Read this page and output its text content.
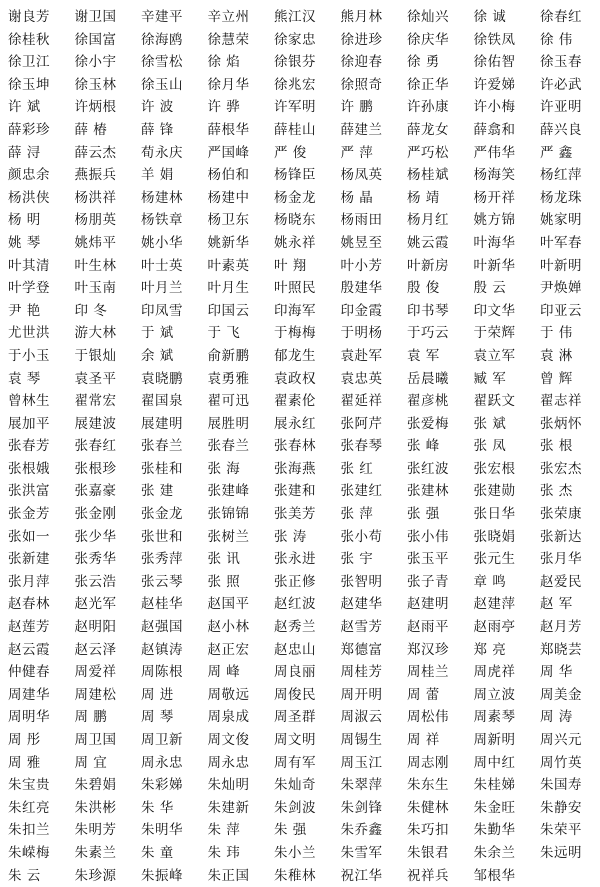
谢良芳	谢卫国	辛建平	辛立州	熊江汉	熊月林	徐灿兴	徐 诚	徐春红
徐桂秋	徐国富	徐海鸥	徐慧荣	徐家忠	徐进珍	徐庆华	徐铁凤	徐 伟
徐卫江	徐小宇	徐雪松	徐 焰	徐银芬	徐迎春	徐 勇	徐佑智	徐玉春
徐玉坤	徐玉林	徐玉山	徐月华	徐兆宏	徐照奇	徐正华	许爱娣	许必武
许 斌	许炳根	许 波	许 骅	许军明	许 鹏	许孙康	许小梅	许亚明
薛彩珍	薛 椿	薛 锋	薛根华	薛桂山	薛建兰	薛龙女	薛翕和	薛兴良
薛 浔	薛云杰	荀永庆	严国峰	严 俊	严 萍	严巧松	严伟华	严 鑫
颜忠余	燕振兵	羊 娟	杨伯和	杨锋臣	杨凤英	杨桂斌	杨海笑	杨红萍
杨洪侠	杨洪祥	杨建林	杨建中	杨金龙	杨 晶	杨 靖	杨开祥	杨龙珠
杨 明	杨朋英	杨铁章	杨卫东	杨晓东	杨雨田	杨月红	姚方锦	姚家明
姚 琴	姚炜平	姚小华	姚新华	姚永祥	姚昱至	姚云霞	叶海华	叶军春
叶其清	叶生林	叶士英	叶素英	叶 翔	叶小芳	叶新房	叶新华	叶新明
叶学登	叶玉南	叶月兰	叶月生	叶照民	殷建华	殷 俊	殷 云	尹焕婵
尹 艳	印 冬	印凤雪	印国云	印海军	印金霞	印书琴	印文华	印亚云
尤世洪	游大林	于 斌	于 飞	于梅梅	于明杨	于巧云	于荣辉	于 伟
于小玉	于银灿	余 斌	俞新鹏	郁龙生	袁赴军	袁 军	袁立军	袁 淋
袁 琴	袁圣平	袁晓鹏	袁勇雅	袁政权	袁忠英	岳晨曦	臧 军	曾 辉
曾林生	翟常宏	翟国泉	翟可迅	翟素伦	翟延祥	翟彦桃	翟跃文	翟志祥
展加平	展建波	展建明	展胜明	展永红	张阿芹	张爱梅	张 斌	张炳怀
张春芳	张春红	张春兰	张春兰	张春林	张春琴	张 峰	张 凤	张 根
张根娥	张根珍	张桂和	张 海	张海燕	张 红	张红波	张宏根	张宏杰
张洪富	张嘉豪	张 建	张建峰	张建和	张建红	张建林	张建勋	张 杰
张金芳	张金刚	张金龙	张锦锦	张美芳	张 萍	张 强	张日华	张荣康
张如一	张少华	张世和	张树兰	张 涛	张小苟	张小伟	张晓娟	张新达
张新建	张秀华	张秀萍	张 讯	张永进	张 宇	张玉平	张元生	张月华
张月萍	张云浩	张云琴	张 照	张正修	张智明	张子青	章 鸣	赵爱民
赵春林	赵光军	赵桂华	赵国平	赵红波	赵建华	赵建明	赵建萍	赵 军
赵莲芳	赵明阳	赵强国	赵小林	赵秀兰	赵雪芳	赵雨平	赵雨亭	赵月芳
赵云霞	赵云泽	赵镇涛	赵正宏	赵忠山	郑德富	郑汉珍	郑 亮	郑晓芸
仲健春	周爱祥	周陈根	周 峰	周良丽	周桂芳	周桂兰	周虎祥	周 华
周建华	周建松	周 进	周敬远	周俊民	周开明	周 蕾	周立波	周美金
周明华	周 鹏	周 琴	周泉成	周圣群	周淑云	周松伟	周素琴	周 涛
周 彤	周卫国	周卫新	周文俊	周文明	周锡生	周 祥	周新明	周兴元
周 雅	周 宜	周永忠	周永忠	周有军	周玉江	周志刚	周中红	周竹英
朱宝贵	朱碧娟	朱彩娣	朱灿明	朱灿奇	朱翠萍	朱东生	朱桂娣	朱国寿
朱红亮	朱洪彬	朱 华	朱建新	朱剑波	朱剑锋	朱健林	朱金旺	朱静安
朱扣兰	朱明芳	朱明华	朱 萍	朱 强	朱乔鑫	朱巧扣	朱勤华	朱荣平
朱嵘梅	朱素兰	朱 童	朱 玮	朱小兰	朱雪军	朱银君	朱余兰	朱远明
朱 云	朱珍源	朱振峰	朱正国	朱稚林	祝江华	祝祥兵	邹根华
